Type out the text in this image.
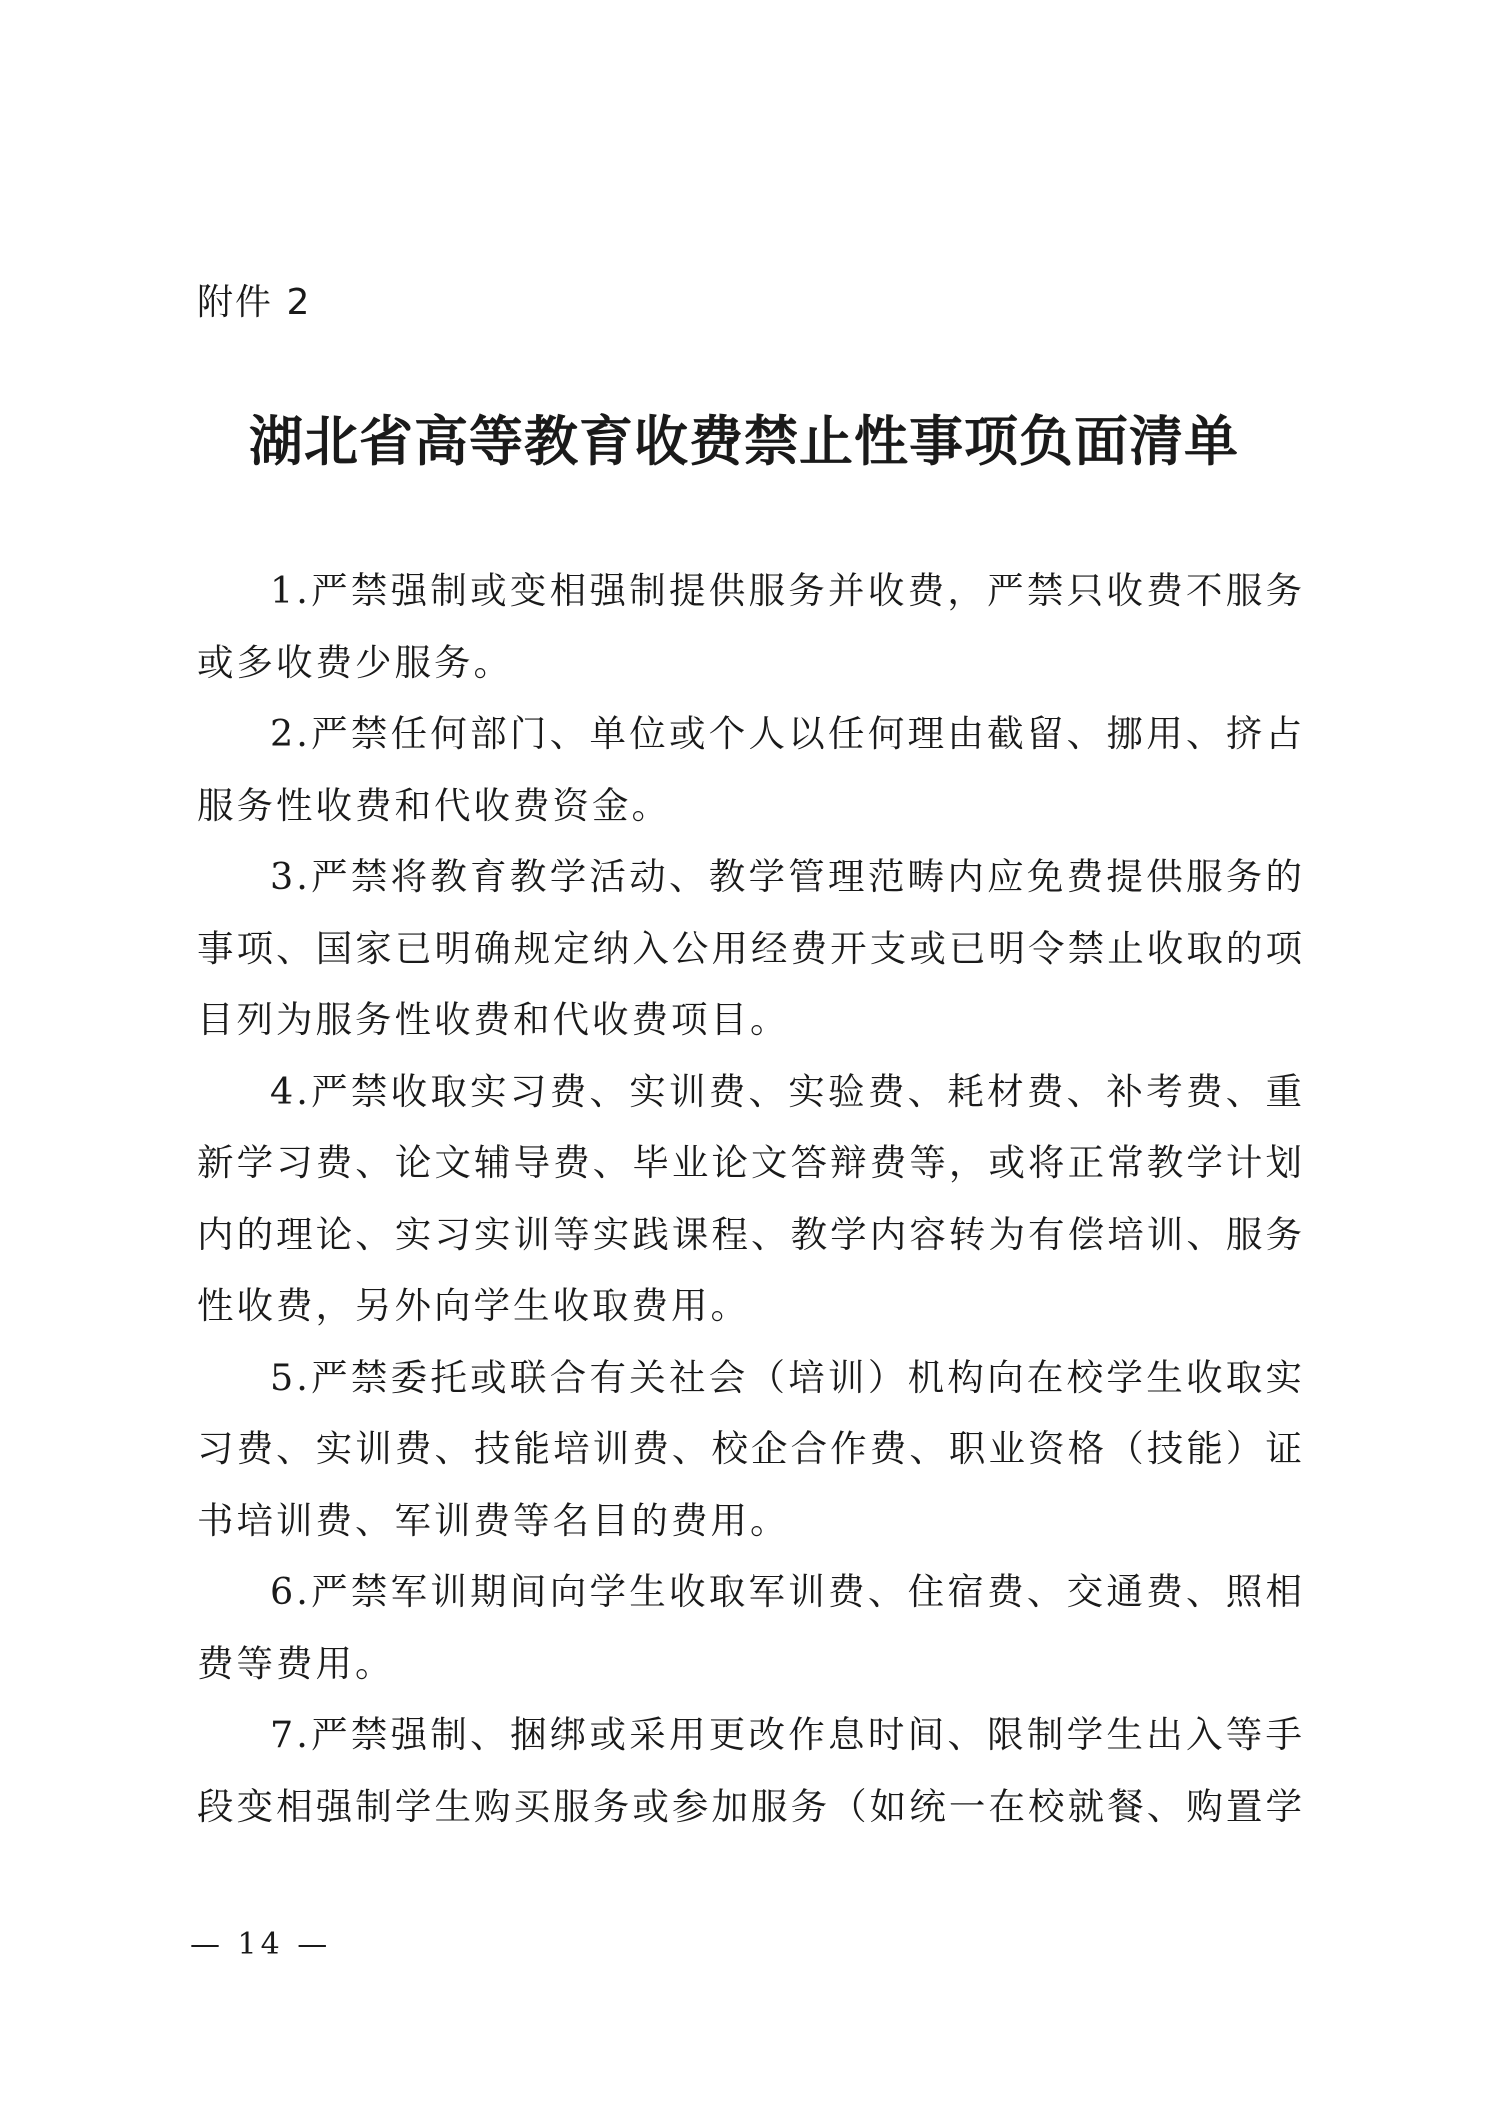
附件 2
湖北省高等教育收费禁止性事项负面清单

1.严禁强制或变相强制提供服务并收费，严禁只收费不服务或多收费少服务。

2.严禁任何部门、单位或个人以任何理由截留、挪用、挤占服务性收费和代收费资金。

3.严禁将教育教学活动、教学管理范畴内应免费提供服务的事项、国家已明确规定纳入公用经费开支或已明令禁止收取的项目列为服务性收费和代收费项目。

4.严禁收取实习费、实训费、实验费、耗材费、补考费、重新学习费、论文辅导费、毕业论文答辩费等，或将正常教学计划内的理论、实习实训等实践课程、教学内容转为有偿培训、服务性收费，另外向学生收取费用。

5.严禁委托或联合有关社会（培训）机构向在校学生收取实习费、实训费、技能培训费、校企合作费、职业资格（技能）证书培训费、军训费等名目的费用。

6.严禁军训期间向学生收取军训费、住宿费、交通费、照相费等费用。

7.严禁强制、捆绑或采用更改作息时间、限制学生出入等手段变相强制学生购买服务或参加服务（如统一在校就餐、购置学

— 14 —
